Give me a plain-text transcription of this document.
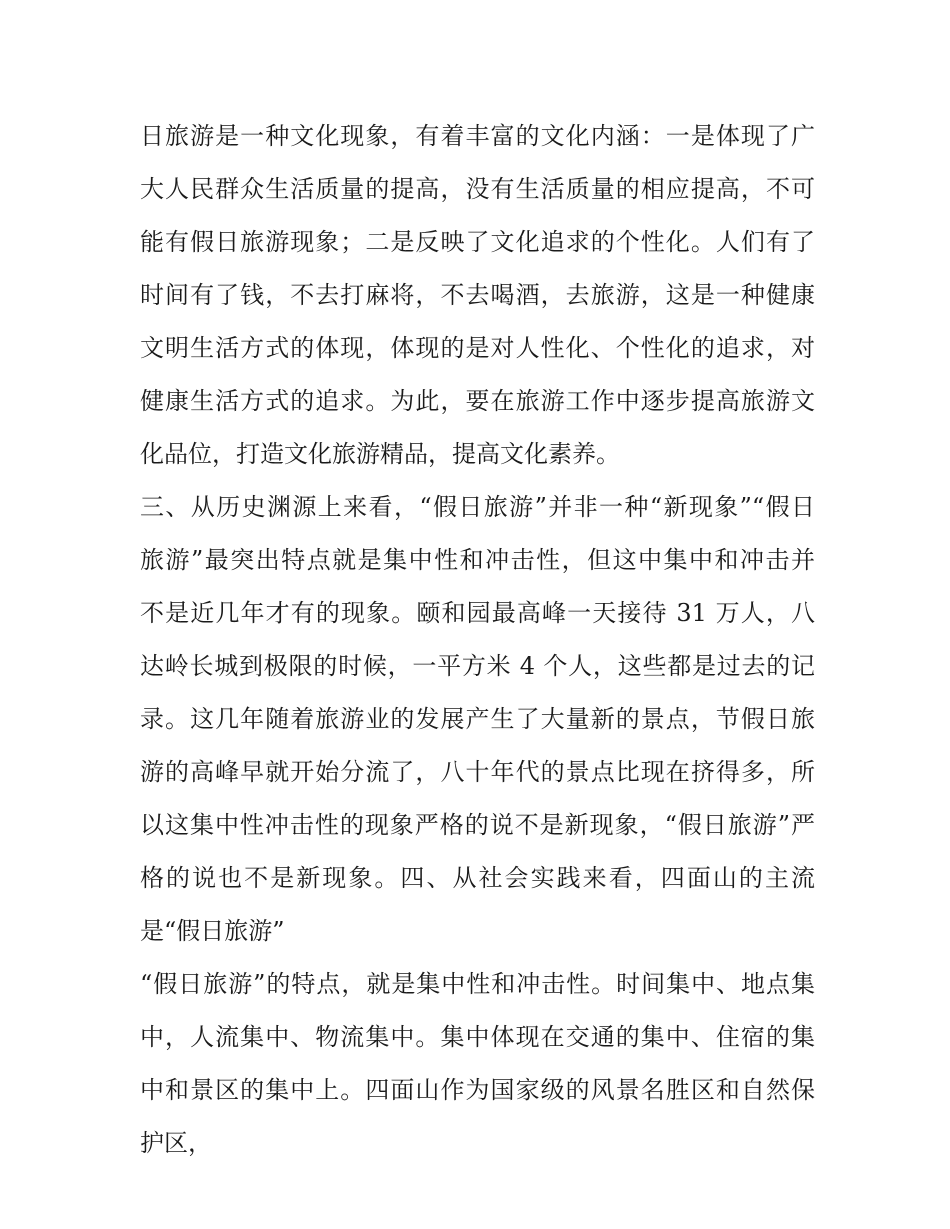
日旅游是一种文化现象，有着丰富的文化内涵：一是体现了广
大人民群众生活质量的提高，没有生活质量的相应提高，不可
能有假日旅游现象；二是反映了文化追求的个性化。人们有了
时间有了钱，不去打麻将，不去喝酒，去旅游，这是一种健康
文明生活方式的体现，体现的是对人性化、个性化的追求，对
健康生活方式的追求。为此，要在旅游工作中逐步提高旅游文
化品位，打造文化旅游精品，提高文化素养。
三、从历史渊源上来看，“假日旅游”并非一种“新现象”“假日
旅游”最突出特点就是集中性和冲击性，但这中集中和冲击并
不是近几年才有的现象。颐和园最高峰一天接待 31 万人，八
达岭长城到极限的时候，一平方米 4 个人，这些都是过去的记
录。这几年随着旅游业的发展产生了大量新的景点，节假日旅
游的高峰早就开始分流了，八十年代的景点比现在挤得多，所
以这集中性冲击性的现象严格的说不是新现象，“假日旅游”严
格的说也不是新现象。四、从社会实践来看，四面山的主流
是“假日旅游”
“假日旅游”的特点，就是集中性和冲击性。时间集中、地点集
中，人流集中、物流集中。集中体现在交通的集中、住宿的集
中和景区的集中上。四面山作为国家级的风景名胜区和自然保
护区，
